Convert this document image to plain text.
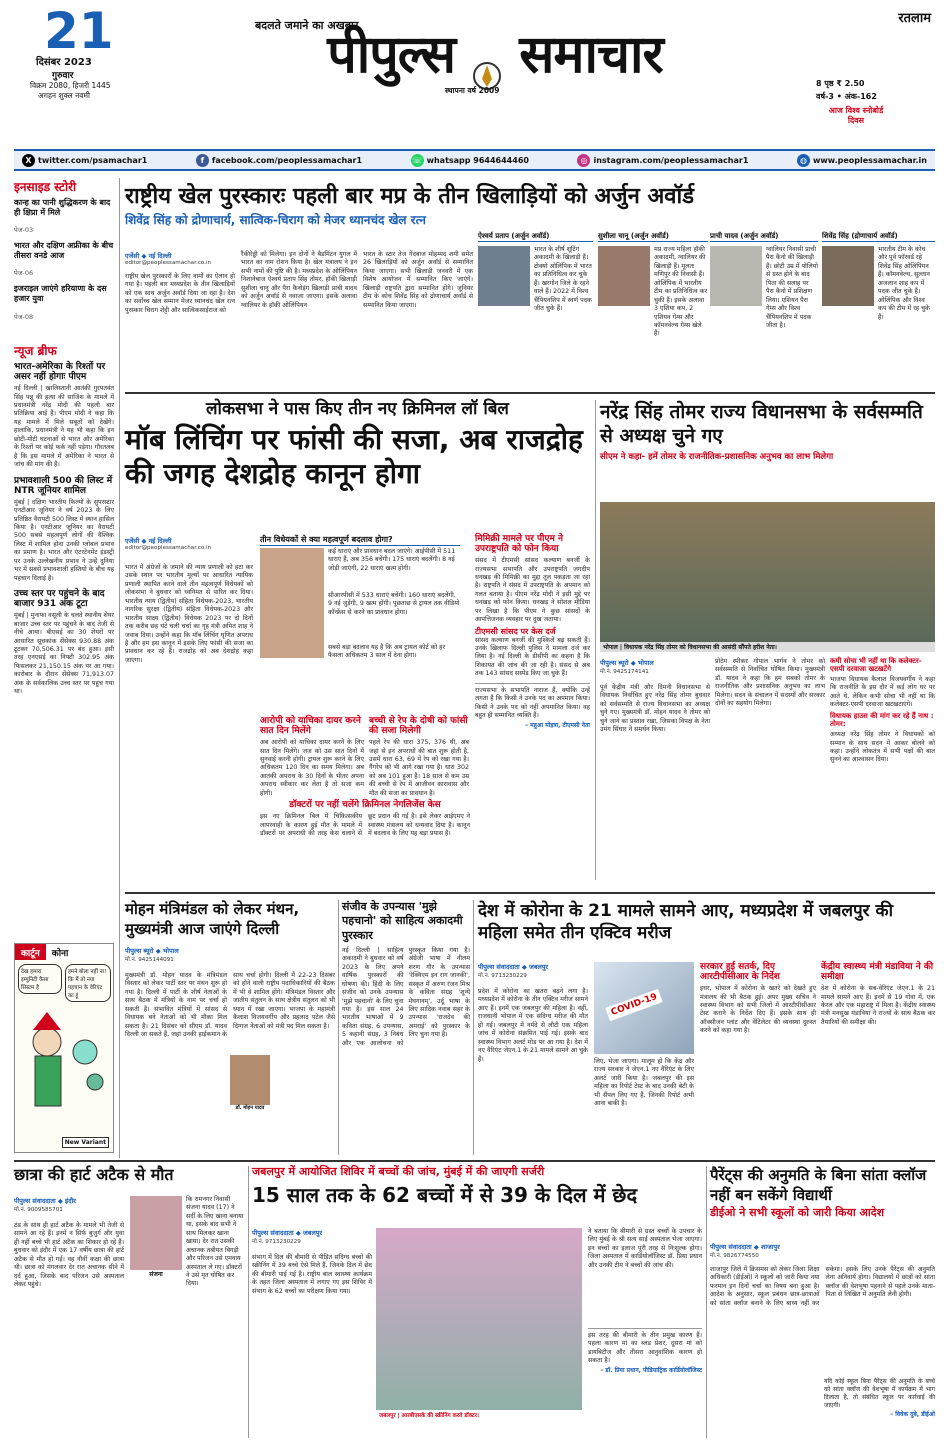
21
दिसंबर 2023
गुरुवार
विक्रम 2080, हिजरी 1445
अगहन शुक्ल नवमी
बदलते जमाने का अखबार
पीपुल्स समाचार
स्थापना वर्ष 2009
रतलाम
8 पृष्ठ ₹ 2.50
वर्ष-3 • अंक-162
आज विश्व स्नोबोर्ड दिवस
X twitter.com/psamachar1	f facebook.com/peoplessamachar1	☏ whatsapp 9644644460	◎ instagram.com/peoplessamachar1	◍ www.peoplessamachar.in
इनसाइड स्टोरी

कान्ह का पानी शुद्धिकरण के बाद ही क्षिप्रा में मिले

पेज-03

भारत और दक्षिण अफ्रीका के बीच तीसरा वनडे आज

पेज-06

इजराइल जाएंगे हरियाणा के दस हजार युवा

पेज-08
न्यूज ब्रीफ
भारत-अमेरिका के रिश्तों पर असर नहीं होगाः पीएम
नई दिल्ली | खालिस्तानी आतंकी गुरपतवंत सिंह पन्नू की हत्या की साजिश के मामले में प्रधानमंत्री नरेंद्र मोदी की पहली बार प्रतिक्रिया आई है। पीएम मोदी ने कहा कि यह मामले में मिले सबूतों को देखेंगे। हालांकि, प्रधानमंत्री ने यह भी कहा कि इन छोटी-मोटी घटनाओं से भारत और अमेरिका के रिश्तों पर कोई फर्क नहीं पड़ेगा। गौरतलब है कि इस मामले में अमेरिका ने भारत से जांच की मांग की है।
प्रभावशाली 500 की लिस्ट में NTR जूनियर शामिल
मुंबई | दक्षिण भारतीय फिल्मों के सुपरस्टार एनटीआर जूनियर ने वर्ष 2023 के लिए प्रतिष्ठित वैरायटी 500 लिस्ट में स्थान हासिल किया है। एनटीआर जूनियर का वैरायटी 500 सबसे महत्वपूर्ण लोगों की वैश्विक लिस्ट में शामिल होना उनकी ग्लोबल प्रभाव का प्रमाण है। भारत और एंटरटेनमेंट इंडस्ट्री पर उनके उल्लेखनीय प्रभाव ने उन्हें दुनिया भर में सबसे प्रभावशाली हस्तियों के बीच यह पहचान दिलाई है।
उच्च स्तर पर पहुंचने के बाद बाजार 931 अंक टूटा
मुंबई | मुनाफा वसूली के चलते स्थानीय शेयर बाजार उच्च स्तर पर पहुंचने के बाद तेजी से नीचे आया। बीएसई का 30 शेयरों पर आधारित सूचकांक सेंसेक्स 930.88 अंक टूटकर 70,506.31 पर बंद हुआ। इसी तरह एनएसई का निफ्टी 302.95 अंक फिसलकर 21,150.15 अंक पर आ गया। कारोबार के दौरान सेंसेक्स 71,913.07 अंक के सर्वकालिक उच्च स्तर पर पहुंच गया था।
कार्टून	कोना
देख हमारा इम्युनिटी कैसा सिस्टम है
हमने बोला नहीं ना! कि मैं तो नया पहचान के वेरिएंट का हूं
New Variant
राष्ट्रीय खेल पुरस्कारः पहली बार मप्र के तीन खिलाड़ियों को अर्जुन अवॉर्ड
शिवेंद्र सिंह को द्रोणाचार्य, सात्विक-चिराग को मेजर ध्यानचंद खेल रत्न
एजेंसी ◆ नई दिल्ली
editor@peoplessamachar.co.in
राष्ट्रीय खेल पुरस्कारों के लिए नामों का ऐलान हो गया है। पहली बार मध्यप्रदेश के तीन खिलाड़ियों को एक साथ अर्जुन अवॉर्ड दिया जा रहा है। देश का सर्वोच्च खेल सम्मान मेजर ध्यानचंद खेल रत्न पुरस्कार चिराग शेट्टी और सात्विकसाईराज को
रैंकीरेड्डी को मिलेगा। इन दोनों ने बैडमिंटन युगल में भारत का नाम रोशन किया है। खेल मंत्रालय ने इन सभी नामों की पुष्टि की है। मध्यप्रदेश के ओलिंपियन निशानेबाज ऐश्वर्य प्रताप सिंह तोमर, हॉकी खिलाड़ी सुशीला चानू और पैरा कैनोइंग खिलाड़ी प्राची यादव को अर्जुन अवॉर्ड से नवाजा जाएगा। इसके अलावा ग्वालियर के हॉकी ओलिंपियन
भारत के स्टार तेज गेंदबाज मोहम्मद शमी समेत 26 खिलाड़ियों को अर्जुन अवॉर्ड से सम्मानित किया जाएगा। सभी खिलाड़ी जनवरी में एक विशेष आयोजन में सम्मानित किए जाएंगे। खिलाड़ी राष्ट्रपति द्वारा सम्मानित होंगे। जूनियर टीम के कोच शिवेंद्र सिंह को द्रोणाचार्य अवॉर्ड से सम्मानित किया जाएगा।
ऐश्वर्य प्रताप (अर्जुन अवॉर्ड)
भारत के शीर्ष शूटिंग अकादमी के खिलाड़ी हैं। टोक्यो ओलिंपिक में भारत का प्रतिनिधित्व कर चुके हैं। खरगोन जिले के रहने वाले हैं। 2022 में विश्व चैंपियनशिप में स्वर्ण पदक जीत चुके हैं।
सुशीला चानू (अर्जुन अवॉर्ड)
मप्र राज्य महिला हॉकी अकादमी, ग्वालियर की खिलाड़ी हैं। मूलतः मणिपुर की निवासी हैं। ओलिंपिक में भारतीय टीम का प्रतिनिधित्व कर चुकी हैं। इसके अलावा 3 एशिया कप, 2 एशियन गेम्स और कॉमनवेल्थ गेम्स खेले हैं।
प्राची यादव (अर्जुन अवॉर्ड)
ग्वालियर निवासी प्राची पैरा कैनो की खिलाड़ी हैं। छोटी उम्र में पोलियो से ग्रस्त होने के बाद पिता की सलाह पर पैरा कैनो में प्रशिक्षण लिया। एशियन पैरा गेम्स और विश्व चैंपियनशिप में पदक जीता है।
शिवेंद्र सिंह (द्रोणाचार्य अवॉर्ड)
भारतीय टीम के कोच और पूर्व फॉरवर्ड रहे शिवेंद्र सिंह ओलिंपियन हैं। कॉमनवेल्थ, सुल्तान अजलान शाह कप में पदक जीत चुके हैं। ओलिंपिक और विश्व कप की टीम में रह चुके हैं।
लोकसभा ने पास किए तीन नए क्रिमिनल लॉ बिल
मॉब लिंचिंग पर फांसी की सजा, अब राजद्रोह की जगह देशद्रोह कानून होगा
एजेंसी ◆ नई दिल्ली
editor@peoplessamachar.co.in
भारत में अंग्रेजों के जमाने की न्याय प्रणाली को हटा कर उसके स्थान पर भारतीय मूल्यों पर आधारित न्यायिक प्रणाली स्थापित करने वाले तीन महत्वपूर्ण विधेयकों को लोकसभा ने बुधवार को ध्वनिमत से पारित कर दिया। भारतीय न्याय (द्वितीय) संहिता विधेयक-2023, भारतीय नागरिक सुरक्षा (द्वितीय) संहिता विधेयक-2023 और भारतीय साक्ष्य (द्वितीय) विधेयक 2023 पर दो दिनों तक करीब छह घंटे चली चर्चा का गृह मंत्री अमित शाह ने जवाब दिया। उन्होंने कहा कि मॉब लिंचिंग घृणित अपराध है और हम इस कानून में इसके लिए फांसी की सजा का प्रावधान कर रहे हैं। राजद्रोह को अब देशद्रोह कहा जाएगा।
तीन विधेयकों से क्या महत्वपूर्ण बदलाव होगा?
कई धाराएं और प्रावधान बदल जाएंगे। आईपीसी में 511 धाराएं हैं, अब 356 बचेंगी। 175 धाराएं बदलेंगी। 8 नई जोड़ी जाएंगी, 22 धाराएं खत्म होंगी।
सीआरपीसी में 533 धाराएं बचेंगी। 160 धाराएं बदलेंगी, 9 नई जुड़ेंगी, 9 खत्म होंगी। पूछताछ से ट्रायल तक वीडियो कॉन्फ्रेंस से करने का प्रावधान होगा।
सबसे बड़ा बदलाव यह है कि अब ट्रायल कोर्ट को हर फैसला अधिकतम 3 साल में देना होगा।
आरोपी को याचिका दायर करने सात दिन मिलेंगे
अब आरोपी को याचिका दायर करने के लिए सात दिन मिलेंगे। जज को उस सात दिनों में सुनवाई करनी होगी। ट्रायल शुरू करने के लिए अधिकतम 120 दिन का समय मिलेगा। अब आतंकी अपराध के 30 दिनों के भीतर अपना अपराध स्वीकार कर लेता है तो सजा कम होगी।
बच्ची से रेप के दोषी को फांसी की सजा मिलेगी
पहले रेप की धारा 375, 376 थी, अब जहां से इन अपराधों की बात शुरू होती है, उसमें धारा 63, 69 में रेप को रखा गया है। गैंगरेप को भी आगे रखा गया है। धारा 302 को अब 101 हुआ है। 18 साल से कम उम्र की बच्ची से रेप में आजीवन कारावास और मौत की सजा का प्रावधान है।
डॉक्टरों पर नहीं चलेंगे क्रिमिनल नेगलिजेंस केस
इस नए क्रिमिनल बिल में चिकित्सकीय लापरवाही के कारण हुई मौत के मामले में डॉक्टरों पर अपराधी की तरह केस चलाने से छूट प्रदान की गई है। इसे लेकर आईएमए ने स्वास्थ्य मंत्रालय को धन्यवाद दिया है। कानून में बदलाव के लिए यह बड़ा प्रयास है।
मिमिक्री मामले पर पीएम ने उपराष्ट्रपति को फोन किया
संसद में टीएमसी सांसद कल्याण बनर्जी के राज्यसभा सभापति और उपराष्ट्रपति जगदीप धनखड़ की मिमिक्री का मुद्दा तूल पकड़ता जा रहा है। राष्ट्रपति ने संसद में उपराष्ट्रपति के अपमान को गलत बताया है। पीएम नरेंद्र मोदी ने इसी मुद्दे पर धनखड़ को फोन किया। धनखड़ ने सोशल मीडिया पर लिखा है कि पीएम ने कुछ सांसदों के आपत्तिजनक व्यवहार पर दुख जताया।
टीएमसी सांसद पर केस दर्ज
सांसद कल्याण बनर्जी की मुश्किलें बढ़ सकती हैं। उनके खिलाफ दिल्ली पुलिस ने मामला दर्ज कर लिया है। नई दिल्ली के डीसीपी का कहना है कि शिकायत की जांच की जा रही है। संसद से अब तक 143 सांसद सस्पेंड किए जा चुके हैं।
राज्यसभा के सभापति नाराज हैं, क्योंकि उन्हें लगता है कि किसी ने उनके पद का अपमान किया। किसी ने उनके पद को नहीं अपमानित किया। वह बहुत ही सम्मानित व्यक्ति हैं।
– महुआ मोइत्रा, टीएमसी नेता
नरेंद्र सिंह तोमर राज्य विधानसभा के सर्वसम्मति से अध्यक्ष चुने गए
सीएम ने कहा- हमें तोमर के राजनीतिक-प्रशासनिक अनुभव का लाभ मिलेगा
भोपाल | विधायक नरेंद्र सिंह तोमर को विधानसभा की आसंदी सौंपते हरीश नेता।
पीपुल्स ब्यूरो ◆ भोपाल
मो.नं. 9425174141
पूर्व केंद्रीय मंत्री और दिमनी विधानसभा से विधायक निर्वाचित हुए नरेंद्र सिंह तोमर बुधवार को सर्वसम्मति से राज्य विधानसभा का अध्यक्ष चुने गए। मुख्यमंत्री डॉ. मोहन यादव ने तोमर को चुने जाने का प्रस्ताव रखा, जिसका विपक्ष के नेता उमंग सिंघार ने समर्थन किया।
प्रोटेम स्पीकर गोपाल भार्गव ने तोमर को सर्वसम्मति से निर्वाचित घोषित किया। मुख्यमंत्री डॉ. यादव ने कहा कि हम सबको तोमर के राजनीतिक और प्रशासनिक अनुभव का लाभ मिलेगा। सदन के संचालन में सदस्यों और सरकार दोनों का सहयोग मिलेगा।
कमी सोचा भी नहीं था कि कलेक्टर-एसपी दरवाजा खटखटेंगे
भाजपा विधायक कैलाश विजयवर्गीय ने कहा कि राजनीति के इस दौर में कई लोग घर पर आते थे, लेकिन कभी सोचा भी नहीं था कि कलेक्टर-एसपी दरवाजा खटखटाएंगे।
विधायक हाउस की मांग कर रहे हैं नाथ : तोमर:
अध्यक्ष नरेंद्र सिंह तोमर ने विधायकों को सम्मान के साथ सदन में आकर बोलने को कहा। उन्होंने लोकतंत्र में सभी पक्षों की बात सुनने का आश्वासन दिया।
मोहन मंत्रिमंडल को लेकर मंथन, मुख्यमंत्री आज जाएंगे दिल्ली
पीपुल्स ब्यूरो ◆ भोपाल
मो.नं. 9425144091
मुख्यमंत्री डॉ. मोहन यादव के मंत्रिमंडल विस्तार को लेकर पार्टी स्तर पर मंथन शुरू हो गया है। दिल्ली में पार्टी के शीर्ष नेताओं के साथ बैठक में मंत्रियों के नाम पर चर्चा हो सकती है। संभावित मंत्रियों में सांसद से विधायक बने नेताओं को भी मौका मिल सकता है। 21 दिसंबर को सीएम डॉ. यादव दिल्ली जा सकते हैं, जहां उनकी हाईकमान के साथ चर्चा होगी। दिल्ली में 22-23 दिसंबर को होने वाली राष्ट्रीय पदाधिकारियों की बैठक में भी वे शामिल होंगे। मंत्रिमंडल विस्तार और जातीय संतुलन के साथ क्षेत्रीय संतुलन को भी ध्यान में रखा जाएगा। भाजपा के महामंत्री कैलाश विजयवर्गीय और प्रहलाद पटेल जैसे दिग्गज नेताओं को मंत्री पद मिल सकता है।
डॉ. मोहन यादव
संजीव के उपन्यास 'मुझे पहचानो' को साहित्य अकादमी पुरस्कार
नई दिल्ली | साहित्य अकादमी ने बुधवार को वर्ष 2023 के लिए अपने वार्षिक पुरस्कारों की घोषणा की। हिंदी के लिए संजीव को उनके उपन्यास 'मुझे पहचानो' के लिए चुना गया है। इस साल 24 भारतीय भाषाओं में 9 कविता संग्रह, 6 उपन्यास, 5 कहानी संग्रह, 3 निबंध और एक आलोचना को पुरस्कृत किया गया है। अंग्रेजी भाषा में नीलम शरण गौर के उपन्यास 'रेक्विएम इन राग जानकी', संस्कृत में अरुण रंजन मिश्र के कविता संग्रह 'शून्ये मेघगानम्', उर्दू भाषा के लिए सादिक नवाब सहर के उपन्यास 'राजदेव की अमराई' को पुरस्कार के लिए चुना गया है।
देश में कोरोना के 21 मामले सामने आए, मध्यप्रदेश में जबलपुर की महिला समेत तीन एक्टिव मरीज
पीपुल्स संवाददाता ◆ जबलपुर
मो.नं. 9713230229
प्रदेश में कोरोना का खतरा बढ़ने लगा है। मध्यप्रदेश में कोरोना के तीन एक्टिव मरीज सामने आए हैं। इनमें एक जबलपुर की महिला है। वहीं, राजधानी भोपाल में एक संदिग्ध मरीज की मौत हो गई। जबलपुर में नर्मदे से लौटी एक महिला जांच में कोरोना संक्रमित पाई गई। इसके बाद स्वास्थ्य विभाग अलर्ट मोड पर आ गया है। देश में नए वैरिएंट जेएन.1 के 21 मामले सामने आ चुके हैं।
COVID-19
लिए, भेजा जाएगा। मालूम हो कि केंद्र और राज्य सरकार ने जेएन.1 नए वैरिएंट के लिए अलर्ट जारी किया है। जबलपुर की इस महिला का रिपोर्ट टेस्ट के बाद उनकी बेटी के भी सैंपल लिए गए हैं, जिनकी रिपोर्ट अभी आना बाकी है।
सरकार हुई सतर्क, दिए आरटीपीसीआर के निर्देश
इधर, भोपाल में कोरोना के खतरे को देखते हुए मंत्रालय की भी बैठक हुई। अपर मुख्य सचिव ने स्वास्थ्य विभाग को सभी जिलों में आरटीपीसीआर टेस्ट कराने के निर्देश दिए हैं। इसके साथ ही ऑक्सीजन प्लांट और वेंटिलेटर की व्यवस्था दुरुस्त करने को कहा गया है।
केंद्रीय स्वास्थ्य मंत्री मंडाविया ने की समीक्षा
देश में कोरोना के सब-वेरिएंट जेएन.1 के 21 मामले सामने आए हैं। इनमें से 19 गोवा में, एक केरल और एक महाराष्ट्र में मिला है। केंद्रीय स्वास्थ्य मंत्री मनसुख मंडाविया ने राज्यों के साथ बैठक कर तैयारियों की समीक्षा की।
छात्रा की हार्ट अटैक से मौत
पीपुल्स संवाददाता ◆ इंदौर
मो.नं. 9009585701
ठंड के साथ ही हार्ट अटैक के मामले भी तेजी से सामने आ रहे हैं। इनमें न सिर्फ बुजुर्ग और युवा ही नहीं बच्चे भी हार्ट अटैक का शिकार हो रहे हैं। बुधवार को इंदौर में एक 17 वर्षीय छात्रा की हार्ट अटैक से मौत हो गई। वह नौवीं कक्षा की छात्रा थी। छात्रा को मंगलवार देर रात अचानक सीने में दर्द हुआ, जिसके बाद परिजन उसे अस्पताल लेकर पहुंचे।
संजना
कि रामनगर निवासी संजना यादव (17) ने सर्दी के लिए खाना बनाया था, इसके बाद सभी ने साथ मिलकर खाना खाया। देर रात उसकी अचानक तबीयत बिगड़ी और परिजन उसे एमवाय अस्पताल ले गए। डॉक्टरों ने उसे मृत घोषित कर दिया।
जबलपुर में आयोजित शिविर में बच्चों की जांच, मुंबई में की जाएगी सर्जरी
15 साल तक के 62 बच्चों में से 39 के दिल में छेद
पीपुल्स संवाददाता ◆ जबलपुर
मो.नं. 9713230229
संभाग में दिल की बीमारी से पीड़ित संदिग्ध बच्चों की स्क्रीनिंग में 39 बच्चे ऐसे मिले हैं, जिनके दिल में छेद की बीमारी पाई गई है। राष्ट्रीय बाल स्वास्थ्य कार्यक्रम के तहत जिला अस्पताल में लगाए गए इस शिविर में संभाग के 62 बच्चों का परीक्षण किया गया।
जबलपुर | आरबीएसके की स्क्रीनिंग करते डॉक्टर।
ने बताया कि बीमारी से ग्रस्त बच्चों के उपचार के लिए मुंबई के श्री सत्य साईं अस्पताल भेजा जाएगा। इन बच्चों का इलाज पूरी तरह से निःशुल्क होगा। जिला अस्पताल में कार्डियोलॉजिस्ट डॉ. प्रिया प्रधान और उनकी टीम ने बच्चों की जांच की।
इस तरह की बीमारी के तीन प्रमुख कारण हैं। पहला कारण मां का ब्लड प्रेशर, दूसरा मां को डायबिटीज और तीसरा आनुवांशिक कारण हो सकता है।
– डॉ. प्रिया प्रधान, पीडियाट्रिक कार्डियोलॉजिस्ट
पैरेंट्स की अनुमति के बिना सांता क्लॉज नहीं बन सकेंगे विद्यार्थी
डीईओ ने सभी स्कूलों को जारी किया आदेश
पीपुल्स संवाददाता ◆ शाजापुर
मो.नं. 9826774550
शाजापुर जिले में क्रिसमस को लेकर जिला शिक्षा अधिकारी (डीईओ) ने स्कूलों को जारी किया नया फरमान इन दिनों चर्चा का विषय बना हुआ है। आदेश के अनुसार, स्कूल प्रबंधन छात्र-छात्राओं को सांता क्लॉज बनाने के लिए बाध्य नहीं कर सकेगा। इसके लिए उनके पैरेंट्स की अनुमति लेना अनिवार्य होगा। विद्यालयों में छात्रों को सांता क्लॉज की वेशभूषा पहनाने से पहले उनके माता-पिता से लिखित में अनुमति लेनी होगी।
यदि कोई स्कूल बिना पैरेंट्स की अनुमति के बच्चे को सांता क्लॉज की वेशभूषा में कार्यक्रम में भाग दिलाता है, तो संबंधित स्कूल पर कार्रवाई की जाएगी।
– विवेक दुबे, डीईओ
